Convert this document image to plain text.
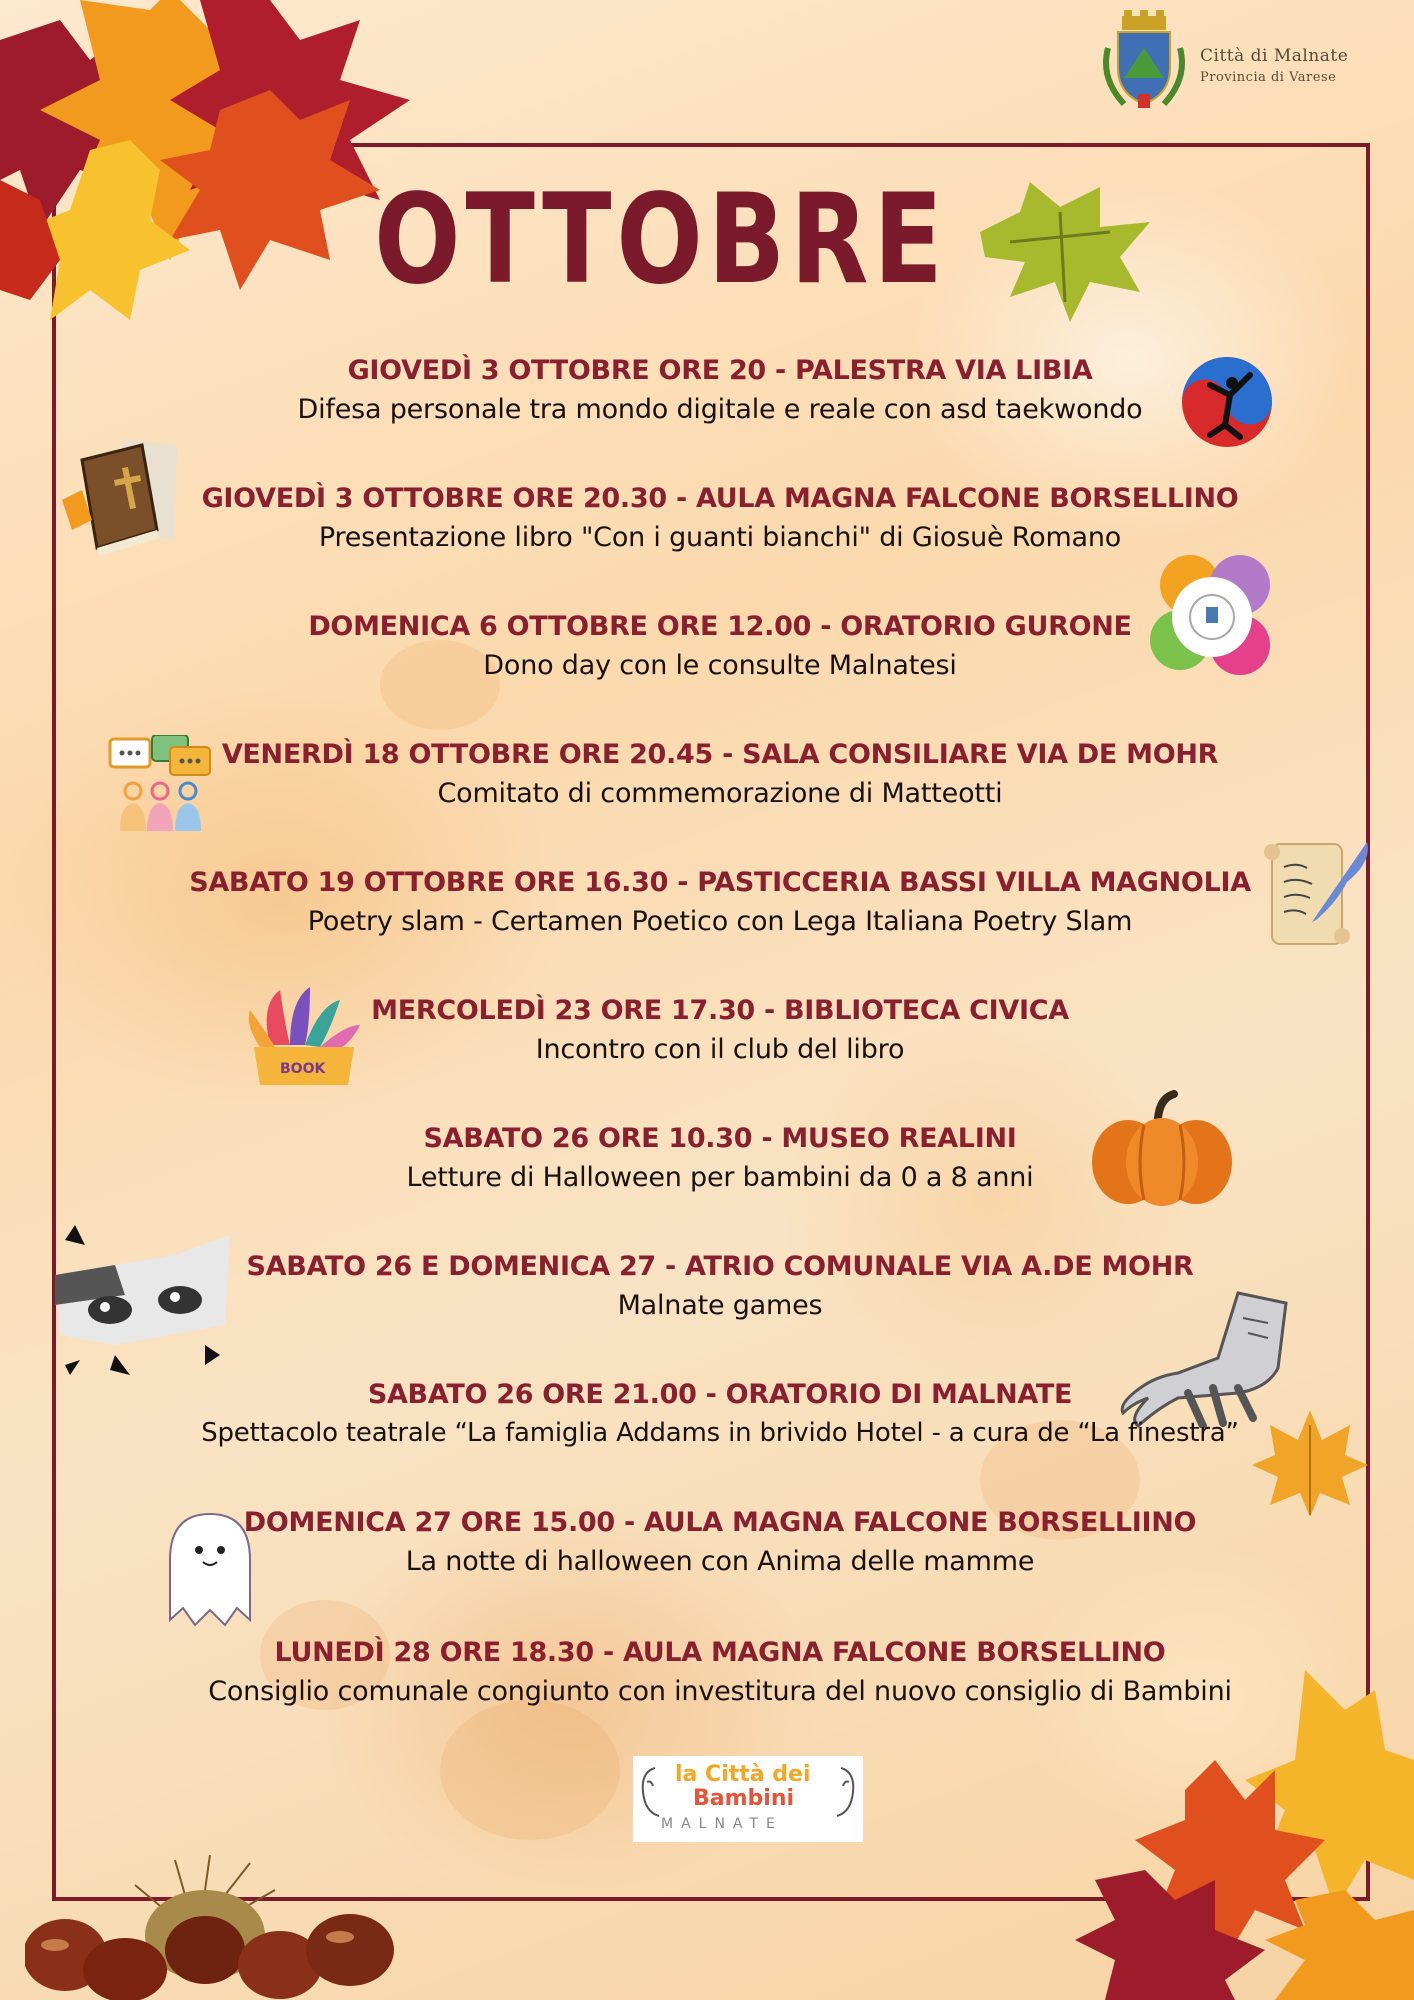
Città di Malnate
Provincia di Varese
OTTOBRE
BOOK
GIOVEDÌ 3 OTTOBRE ORE 20 - PALESTRA VIA LIBIA
Difesa personale tra mondo digitale e reale con asd taekwondo
GIOVEDÌ 3 OTTOBRE ORE 20.30 - AULA MAGNA FALCONE BORSELLINO
Presentazione libro "Con i guanti bianchi" di Giosuè Romano
DOMENICA 6 OTTOBRE ORE 12.00 - ORATORIO GURONE
Dono day con le consulte Malnatesi
VENERDÌ 18 OTTOBRE ORE 20.45 - SALA CONSILIARE VIA DE MOHR
Comitato di commemorazione di Matteotti
SABATO 19 OTTOBRE ORE 16.30 - PASTICCERIA BASSI VILLA MAGNOLIA
Poetry slam - Certamen Poetico con Lega Italiana Poetry Slam
MERCOLEDÌ 23 ORE 17.30 - BIBLIOTECA CIVICA
Incontro con il club del libro
SABATO 26 ORE 10.30 - MUSEO REALINI
Letture di Halloween per bambini da 0 a 8 anni
SABATO 26 E DOMENICA 27 - ATRIO COMUNALE VIA A.DE MOHR
Malnate games
SABATO 26 ORE 21.00 - ORATORIO DI MALNATE
Spettacolo teatrale “La famiglia Addams in brivido Hotel - a cura de “La finestra”
DOMENICA 27 ORE 15.00 - AULA MAGNA FALCONE BORSELLIINO
La notte di halloween con Anima delle mamme
LUNEDÌ 28 ORE 18.30 - AULA MAGNA FALCONE BORSELLINO
Consiglio comunale congiunto con investitura del nuovo consiglio di Bambini
la Città dei
Bambini
MALNATE
